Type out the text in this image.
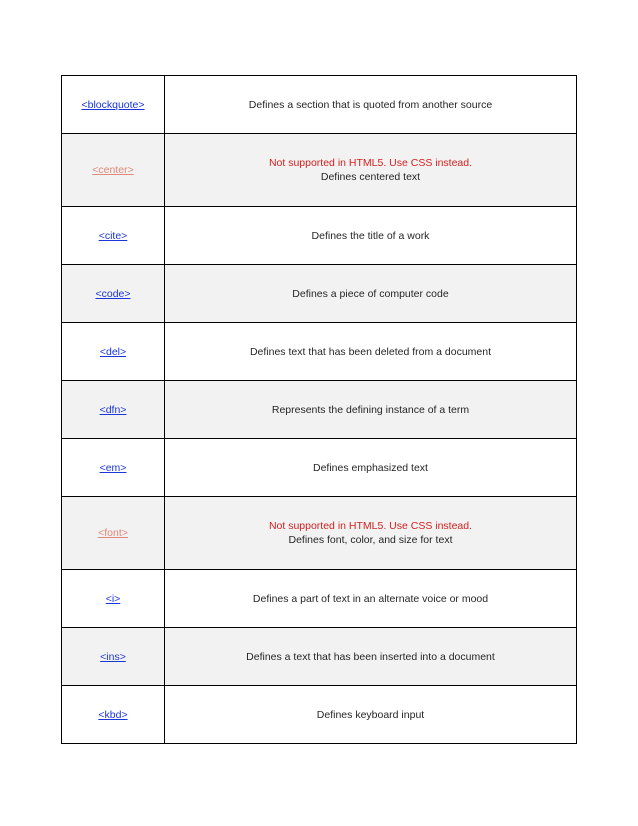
<blockquote>	Defines a section that is quoted from another source

<center>	Not supported in HTML5. Use CSS instead.
Defines centered text

<cite>	Defines the title of a work

<code>	Defines a piece of computer code

<del>	Defines text that has been deleted from a document

<dfn>	Represents the defining instance of a term

<em>	Defines emphasized text

<font>	Not supported in HTML5. Use CSS instead.
Defines font, color, and size for text

<i>	Defines a part of text in an alternate voice or mood

<ins>	Defines a text that has been inserted into a document

<kbd>	Defines keyboard input
